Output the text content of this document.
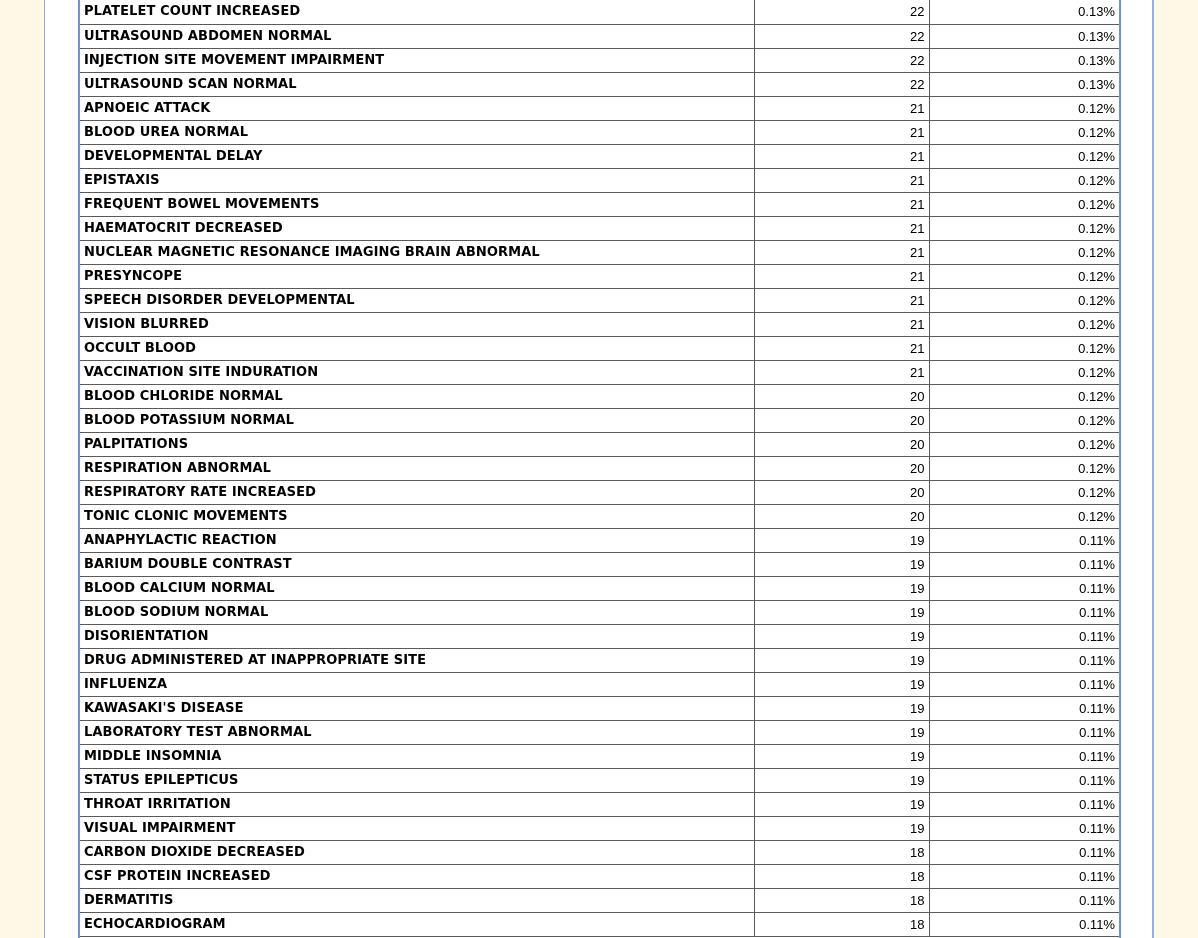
PLATELET COUNT INCREASED	22	0.13%
ULTRASOUND ABDOMEN NORMAL	22	0.13%
INJECTION SITE MOVEMENT IMPAIRMENT	22	0.13%
ULTRASOUND SCAN NORMAL	22	0.13%
APNOEIC ATTACK	21	0.12%
BLOOD UREA NORMAL	21	0.12%
DEVELOPMENTAL DELAY	21	0.12%
EPISTAXIS	21	0.12%
FREQUENT BOWEL MOVEMENTS	21	0.12%
HAEMATOCRIT DECREASED	21	0.12%
NUCLEAR MAGNETIC RESONANCE IMAGING BRAIN ABNORMAL	21	0.12%
PRESYNCOPE	21	0.12%
SPEECH DISORDER DEVELOPMENTAL	21	0.12%
VISION BLURRED	21	0.12%
OCCULT BLOOD	21	0.12%
VACCINATION SITE INDURATION	21	0.12%
BLOOD CHLORIDE NORMAL	20	0.12%
BLOOD POTASSIUM NORMAL	20	0.12%
PALPITATIONS	20	0.12%
RESPIRATION ABNORMAL	20	0.12%
RESPIRATORY RATE INCREASED	20	0.12%
TONIC CLONIC MOVEMENTS	20	0.12%
ANAPHYLACTIC REACTION	19	0.11%
BARIUM DOUBLE CONTRAST	19	0.11%
BLOOD CALCIUM NORMAL	19	0.11%
BLOOD SODIUM NORMAL	19	0.11%
DISORIENTATION	19	0.11%
DRUG ADMINISTERED AT INAPPROPRIATE SITE	19	0.11%
INFLUENZA	19	0.11%
KAWASAKI'S DISEASE	19	0.11%
LABORATORY TEST ABNORMAL	19	0.11%
MIDDLE INSOMNIA	19	0.11%
STATUS EPILEPTICUS	19	0.11%
THROAT IRRITATION	19	0.11%
VISUAL IMPAIRMENT	19	0.11%
CARBON DIOXIDE DECREASED	18	0.11%
CSF PROTEIN INCREASED	18	0.11%
DERMATITIS	18	0.11%
ECHOCARDIOGRAM	18	0.11%
